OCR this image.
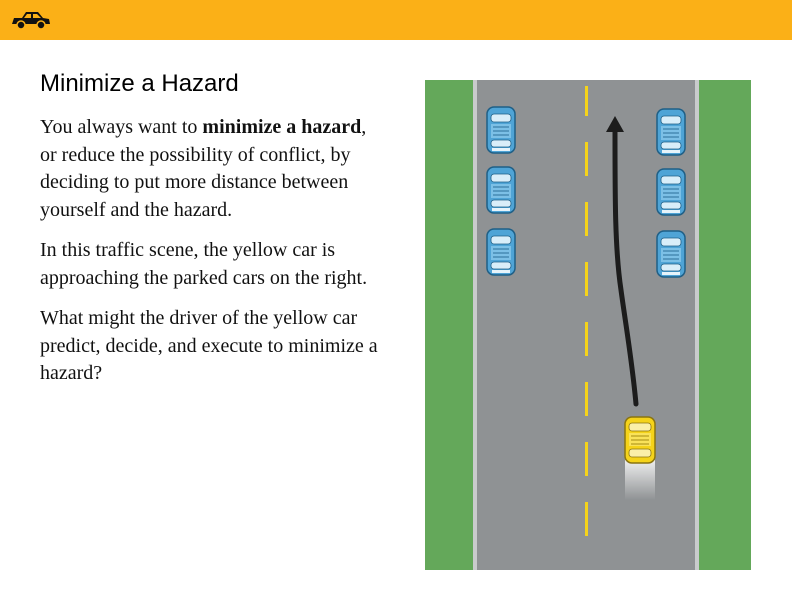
Minimize a Hazard

You always want to minimize a hazard, or reduce the possibility of conflict, by deciding to put more distance between yourself and the hazard.

In this traffic scene, the yellow car is approaching the parked cars on the right.

What might the driver of the yellow car predict, decide, and execute to minimize a hazard?
